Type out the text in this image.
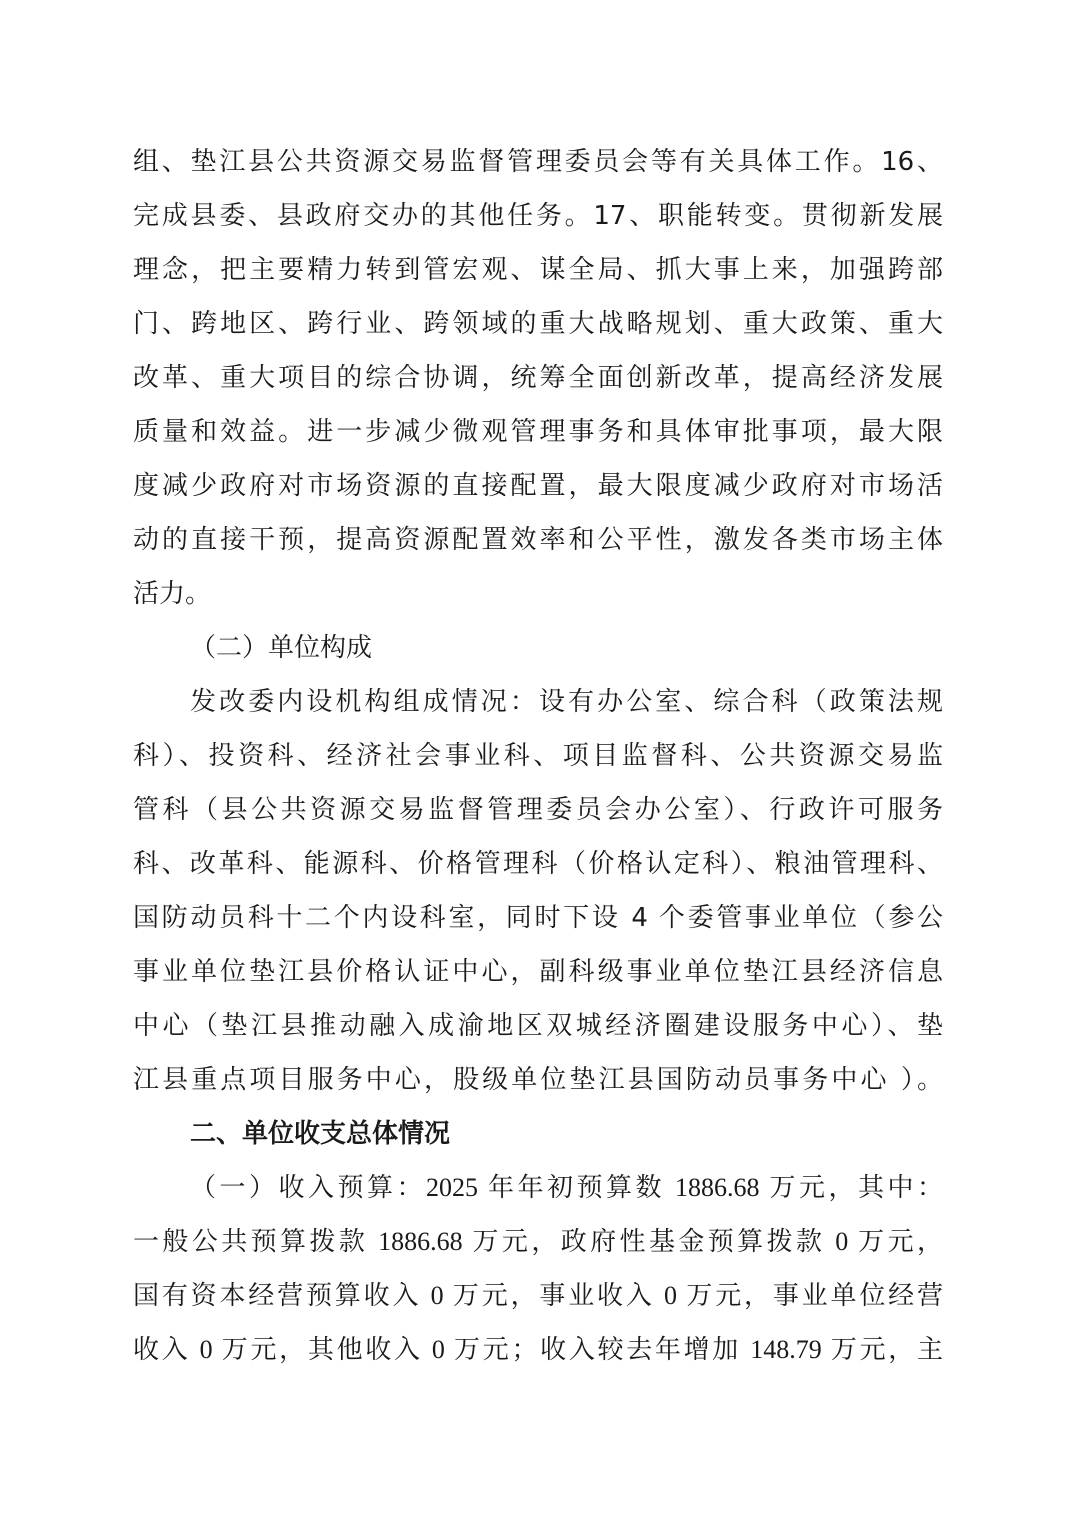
组、垫江县公共资源交易监督管理委员会等有关具体工作。16、
完成县委、县政府交办的其他任务。17、职能转变。贯彻新发展
理念，把主要精力转到管宏观、谋全局、抓大事上来，加强跨部
门、跨地区、跨行业、跨领域的重大战略规划、重大政策、重大
改革、重大项目的综合协调，统筹全面创新改革，提高经济发展
质量和效益。进一步减少微观管理事务和具体审批事项，最大限
度减少政府对市场资源的直接配置，最大限度减少政府对市场活
动的直接干预，提高资源配置效率和公平性，激发各类市场主体
活力。
（二）单位构成
发改委内设机构组成情况：设有办公室、综合科（政策法规
科）、投资科、经济社会事业科、项目监督科、公共资源交易监
管科（县公共资源交易监督管理委员会办公室）、行政许可服务
科、改革科、能源科、价格管理科（价格认定科）、粮油管理科、
国防动员科十二个内设科室，同时下设 4 个委管事业单位（参公
事业单位垫江县价格认证中心，副科级事业单位垫江县经济信息
中心（垫江县推动融入成渝地区双城经济圈建设服务中心）、垫
江县重点项目服务中心，股级单位垫江县国防动员事务中心 ）。
二、单位收支总体情况
（一）收入预算：2025 年年初预算数 1886.68 万元，其中：
一般公共预算拨款 1886.68 万元，政府性基金预算拨款 0 万元，
国有资本经营预算收入 0 万元，事业收入 0 万元，事业单位经营
收入 0 万元，其他收入 0 万元；收入较去年增加 148.79 万元，主
